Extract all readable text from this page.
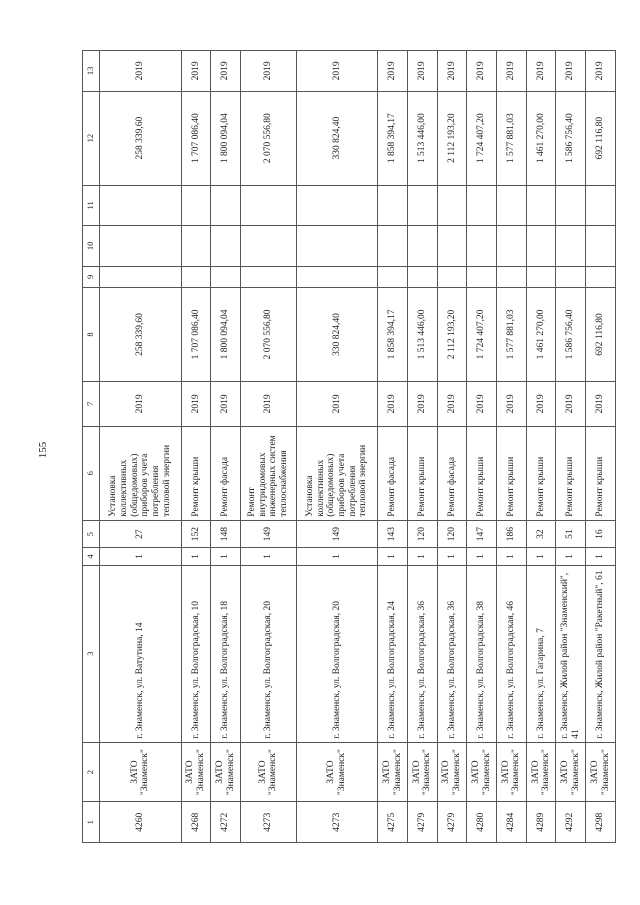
155
1	2	3	4	5	6	7	8	9	10	11	12	13
4260	ЗАТО "Знаменск"	г. Знаменск, ул. Ватутина, 14	1	27	Установка коллективных (общедомовых) приборов учета потребления тепловой энергии	2019	258 339,60				258 339,60	2019
4268	ЗАТО "Знаменск"	г. Знаменск, ул. Волгоградская, 10	1	152	Ремонт крыши	2019	1 707 086,40				1 707 086,40	2019
4272	ЗАТО "Знаменск"	г. Знаменск, ул. Волгоградская, 18	1	148	Ремонт фасада	2019	1 800 094,04				1 800 094,04	2019
4273	ЗАТО "Знаменск"	г. Знаменск, ул. Волгоградская, 20	1	149	Ремонт внутридомовых инженерных систем теплоснабжения	2019	2 070 556,80				2 070 556,80	2019
4273	ЗАТО "Знаменск"	г. Знаменск, ул. Волгоградская, 20	1	149	Установка коллективных (общедомовых) приборов учета потребления тепловой энергии	2019	330 824,40				330 824,40	2019
4275	ЗАТО "Знаменск"	г. Знаменск, ул. Волгоградская, 24	1	143	Ремонт фасада	2019	1 858 394,17				1 858 394,17	2019
4279	ЗАТО "Знаменск"	г. Знаменск, ул. Волгоградская, 36	1	120	Ремонт крыши	2019	1 513 446,00				1 513 446,00	2019
4279	ЗАТО "Знаменск"	г. Знаменск, ул. Волгоградская, 36	1	120	Ремонт фасада	2019	2 112 193,20				2 112 193,20	2019
4280	ЗАТО "Знаменск"	г. Знаменск, ул. Волгоградская, 38	1	147	Ремонт крыши	2019	1 724 407,20				1 724 407,20	2019
4284	ЗАТО "Знаменск"	г. Знаменск, ул. Волгоградская, 46	1	186	Ремонт крыши	2019	1 577 881,03				1 577 881,03	2019
4289	ЗАТО "Знаменск"	г. Знаменск, ул. Гагарина, 7	1	32	Ремонт крыши	2019	1 461 270,00				1 461 270,00	2019
4292	ЗАТО "Знаменск"	г. Знаменск, Жилой район "Знаменский", 41	1	51	Ремонт крыши	2019	1 586 756,40				1 586 756,40	2019
4298	ЗАТО "Знаменск"	г. Знаменск, Жилой район "Ракетный", 61	1	16	Ремонт крыши	2019	692 116,80				692 116,80	2019
